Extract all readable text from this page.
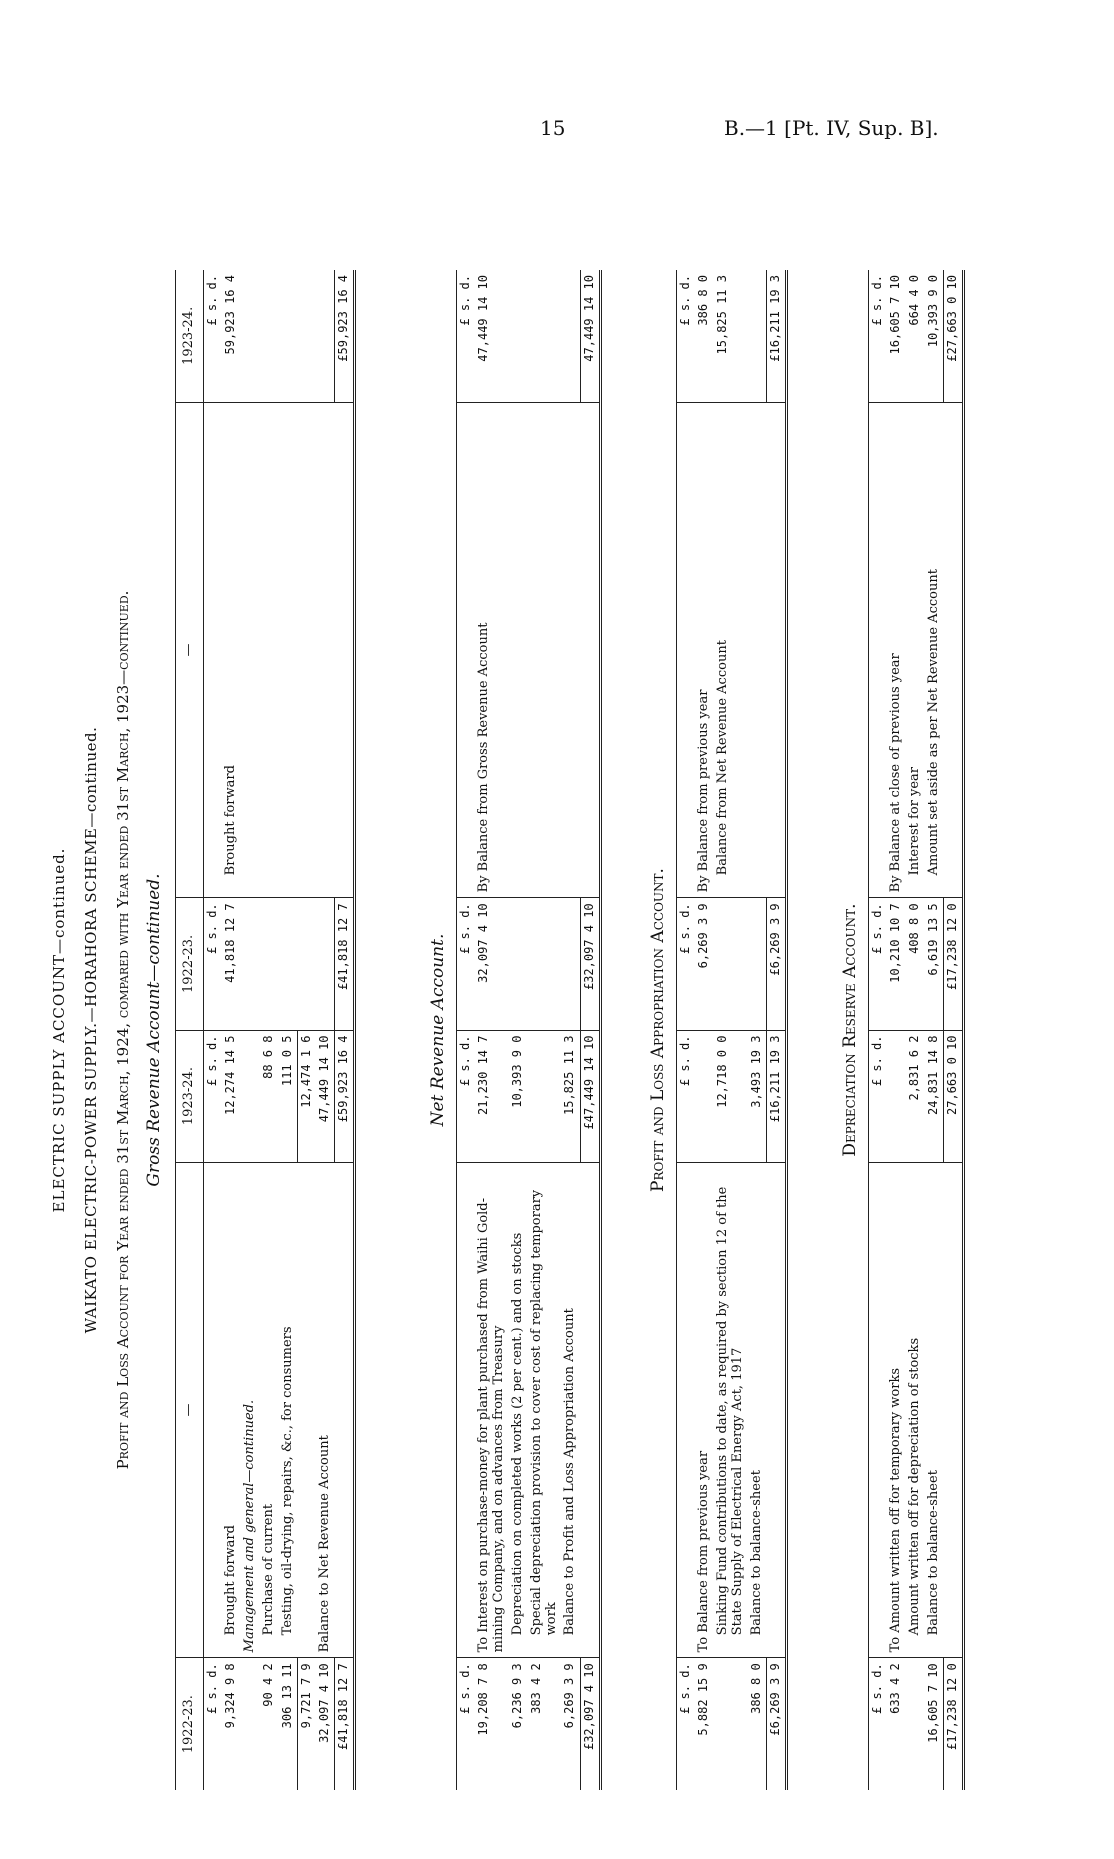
15	B.—1 [Pt. IV, Sup. B].
ELECTRIC SUPPLY ACCOUNT—continued. WAIKATO ELECTRIC-POWER SUPPLY.—HORAHORA SCHEME—continued. Profit and Loss Account for Year ended 31st March, 1924, compared with Year ended 31st March, 1923—continued. Gross Revenue Account—continued.
1922-23.	—	1923-24.	1922-23.	—	1923-24.
£ s. d.		£ s. d.	£ s. d.		£ s. d.
9,324 9 8	Brought forward	12,274 14 5	41,818 12 7	Brought forward	59,923 16 4
	Management and general—continued.				
90 4 2	Purchase of current	88 6 8			
306 13 11	Testing, oil-drying, repairs, &c., for consumers	111 0 5			
9,721 7 9		12,474 1 6			
32,097 4 10	Balance to Net Revenue Account	47,449 14 10			
£41,818 12 7		£59,923 16 4	£41,818 12 7		£59,923 16 4
Net Revenue Account.
£ s. d.		£ s. d.	£ s. d.		£ s. d.
19,208 7 8	To Interest on purchase-money for plant purchased from Waihi Gold-mining Company, and on advances from Treasury	21,230 14 7	32,097 4 10	By Balance from Gross Revenue Account	47,449 14 10
6,236 9 3	Depreciation on completed works (2 per cent.) and on stocks	10,393 9 0			
383 4 2	Special depreciation provision to cover cost of replacing temporary work				
6,269 3 9	Balance to Profit and Loss Appropriation Account	15,825 11 3			
£32,097 4 10		£47,449 14 10	£32,097 4 10		47,449 14 10
Profit and Loss Appropriation Account.
£ s. d.		£ s. d.	£ s. d.		£ s. d.
5,882 15 9	To Balance from previous year		6,269 3 9	By Balance from previous year	386 8 0
	Sinking Fund contributions to date, as required by section 12 of the State Supply of Electrical Energy Act, 1917	12,718 0 0		Balance from Net Revenue Account	15,825 11 3
386 8 0	Balance to balance-sheet	3,493 19 3			
£6,269 3 9		£16,211 19 3	£6,269 3 9		£16,211 19 3
Depreciation Reserve Account.
£ s. d.		£ s. d.	£ s. d.		£ s. d.
633 4 2	To Amount written off for temporary works		10,210 10 7	By Balance at close of previous year	16,605 7 10
	Amount written off for depreciation of stocks	2,831 6 2	408 8 0	Interest for year	664 4 0
16,605 7 10	Balance to balance-sheet	24,831 14 8	6,619 13 5	Amount set aside as per Net Revenue Account	10,393 9 0
£17,238 12 0		27,663 0 10	£17,238 12 0		£27,663 0 10
